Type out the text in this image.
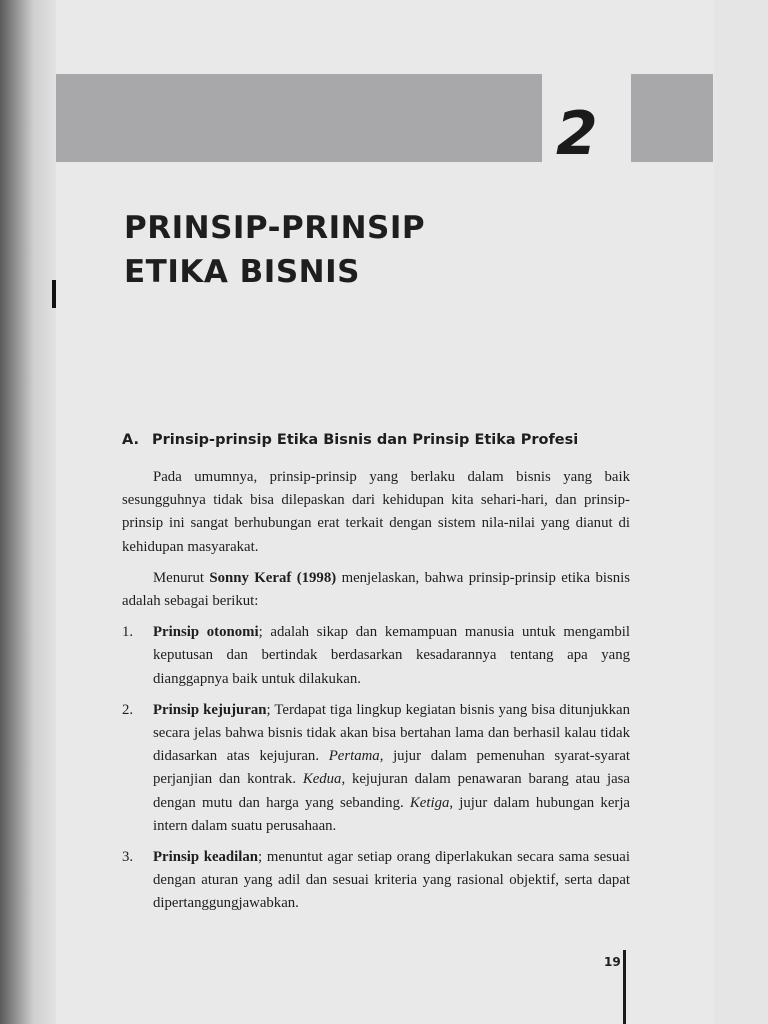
2
PRINSIP-PRINSIP
ETIKA BISNIS
A. Prinsip-prinsip Etika Bisnis dan Prinsip Etika Profesi

Pada umumnya, prinsip-prinsip yang berlaku dalam bisnis yang baik sesungguhnya tidak bisa dilepaskan dari kehidupan kita sehari-hari, dan prinsip-prinsip ini sangat berhubungan erat terkait dengan sistem nila-nilai yang dianut di kehidupan masyarakat.

Menurut Sonny Keraf (1998) menjelaskan, bahwa prinsip-prinsip etika bisnis adalah sebagai berikut:

1. Prinsip otonomi; adalah sikap dan kemampuan manusia untuk mengambil keputusan dan bertindak berdasarkan kesadarannya tentang apa yang dianggapnya baik untuk dilakukan.
2. Prinsip kejujuran; Terdapat tiga lingkup kegiatan bisnis yang bisa ditunjukkan secara jelas bahwa bisnis tidak akan bisa bertahan lama dan berhasil kalau tidak didasarkan atas kejujuran. Pertama, jujur dalam pemenuhan syarat-syarat perjanjian dan kontrak. Kedua, kejujuran dalam penawaran barang atau jasa dengan mutu dan harga yang sebanding. Ketiga, jujur dalam hubungan kerja intern dalam suatu perusahaan.
3. Prinsip keadilan; menuntut agar setiap orang diperlakukan secara sama sesuai dengan aturan yang adil dan sesuai kriteria yang rasional objektif, serta dapat dipertanggungjawabkan.
19
